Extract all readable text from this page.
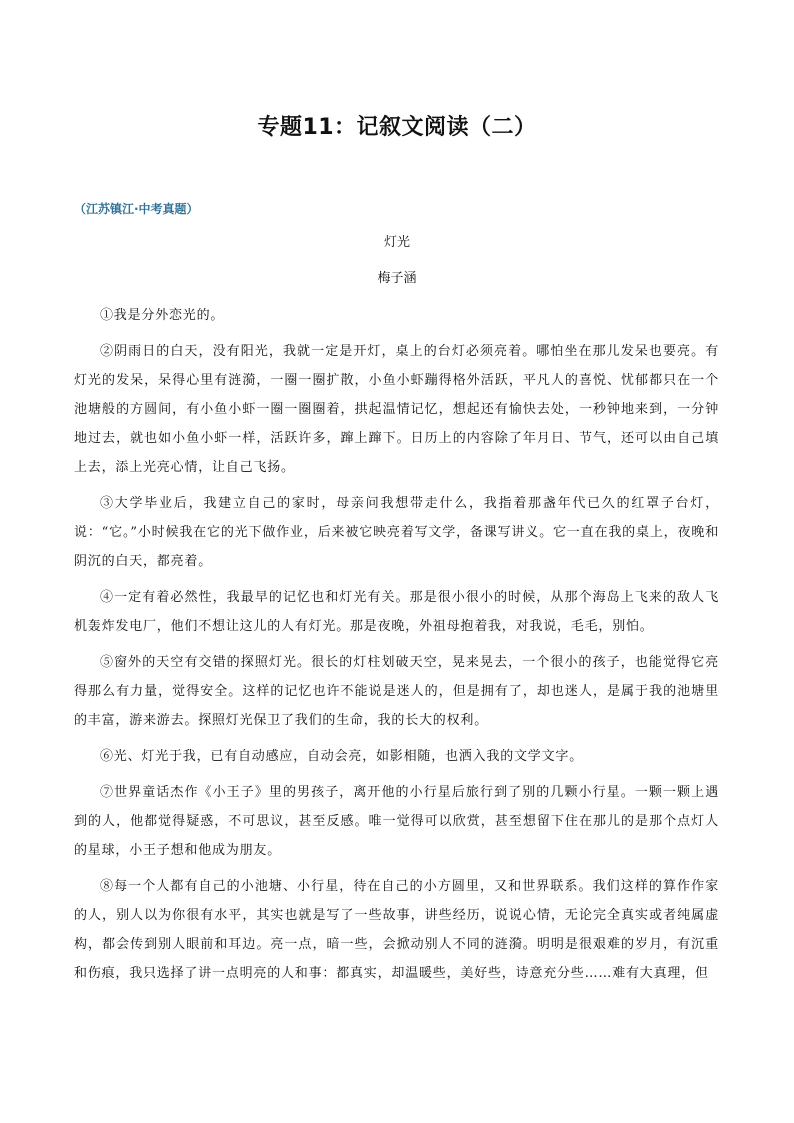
专题11：记叙文阅读（二）
（江苏镇江·中考真题）
灯光
梅子涵

①我是分外恋光的。

②阴雨日的白天，没有阳光，我就一定是开灯，桌上的台灯必须亮着。哪怕坐在那儿发呆也要亮。有灯光的发呆，呆得心里有涟漪，一圈一圈扩散，小鱼小虾蹦得格外活跃，平凡人的喜悦、忧郁都只在一个池塘般的方圆间，有小鱼小虾一圈一圈圈着，拱起温情记忆，想起还有愉快去处，一秒钟地来到，一分钟地过去，就也如小鱼小虾一样，活跃许多，蹿上蹿下。日历上的内容除了年月日、节气，还可以由自己填上去，添上光亮心情，让自己飞扬。

③大学毕业后，我建立自己的家时，母亲问我想带走什么，我指着那盏年代已久的红罩子台灯，说：“它。”小时候我在它的光下做作业，后来被它映亮着写文学，备课写讲义。它一直在我的桌上，夜晚和阴沉的白天，都亮着。

④一定有着必然性，我最早的记忆也和灯光有关。那是很小很小的时候，从那个海岛上飞来的敌人飞机轰炸发电厂，他们不想让这儿的人有灯光。那是夜晚，外祖母抱着我，对我说，毛毛，别怕。

⑤窗外的天空有交错的探照灯光。很长的灯柱划破天空，晃来晃去，一个很小的孩子，也能觉得它亮得那么有力量，觉得安全。这样的记忆也许不能说是迷人的，但是拥有了，却也迷人，是属于我的池塘里的丰富，游来游去。探照灯光保卫了我们的生命，我的长大的权利。

⑥光、灯光于我，已有自动感应，自动会亮，如影相随，也洒入我的文学文字。

⑦世界童话杰作《小王子》里的男孩子，离开他的小行星后旅行到了别的几颗小行星。一颗一颗上遇到的人，他都觉得疑惑，不可思议，甚至反感。唯一觉得可以欣赏，甚至想留下住在那儿的是那个点灯人的星球，小王子想和他成为朋友。

⑧每一个人都有自己的小池塘、小行星，待在自己的小方圆里，又和世界联系。我们这样的算作作家的人，别人以为你很有水平，其实也就是写了一些故事，讲些经历，说说心情，无论完全真实或者纯属虚构，都会传到别人眼前和耳边。亮一点，暗一些，会掀动别人不同的涟漪。明明是很艰难的岁月，有沉重和伤痕，我只选择了讲一点明亮的人和事：都真实，却温暖些，美好些，诗意充分些……难有大真理，但
